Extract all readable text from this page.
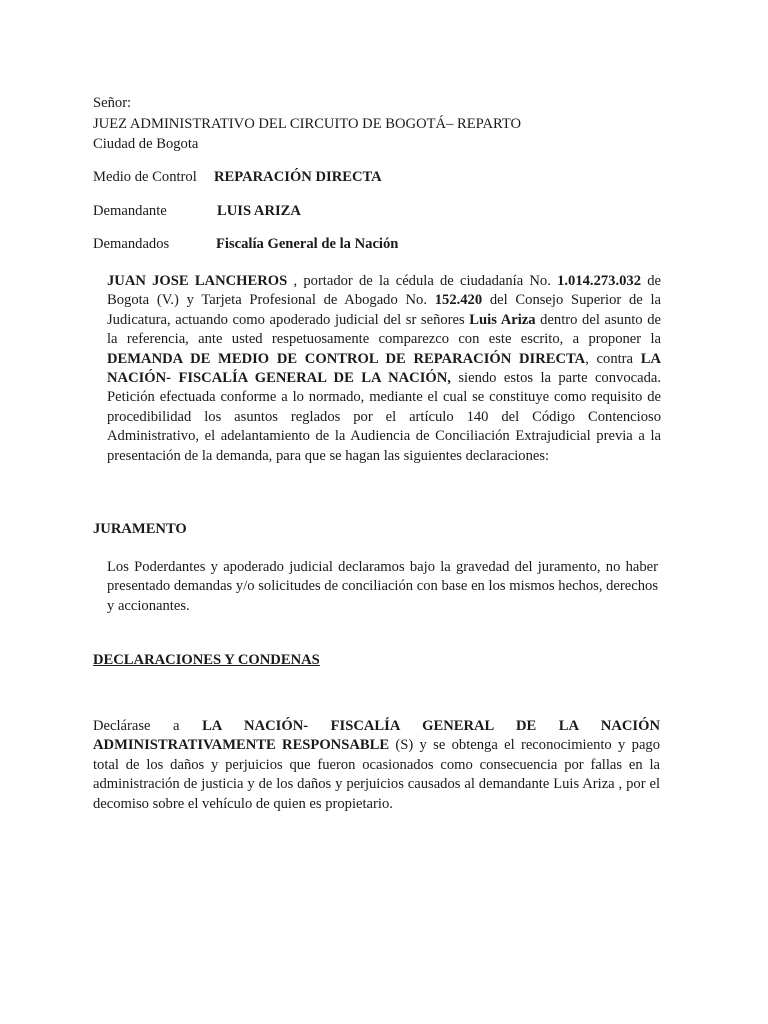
Señor:
JUEZ ADMINISTRATIVO DEL CIRCUITO DE BOGOTÁ– REPARTO
Ciudad de Bogota
Medio de Control REPARACIÓN DIRECTA
Demandante	LUIS ARIZA
Demandados	Fiscalía General de la Nación
JUAN JOSE LANCHEROS , portador de la cédula de ciudadanía No. 1.014.273.032 de Bogota (V.) y Tarjeta Profesional de Abogado No. 152.420 del Consejo Superior de la Judicatura, actuando como apoderado judicial del sr señores Luis Ariza dentro del asunto de la referencia, ante usted respetuosamente comparezco con este escrito, a proponer la DEMANDA DE MEDIO DE CONTROL DE REPARACIÓN DIRECTA, contra LA NACIÓN- FISCALÍA GENERAL DE LA NACIÓN, siendo estos la parte convocada. Petición efectuada conforme a lo normado, mediante el cual se constituye como requisito de procedibilidad los asuntos reglados por el artículo 140 del Código Contencioso Administrativo, el adelantamiento de la Audiencia de Conciliación Extrajudicial previa a la presentación de la demanda, para que se hagan las siguientes declaraciones:
JURAMENTO
Los Poderdantes y apoderado judicial declaramos bajo la gravedad del juramento, no haber presentado demandas y/o solicitudes de conciliación con base en los mismos hechos, derechos y accionantes.
DECLARACIONES Y CONDENAS
Declárase a LA NACIÓN- FISCALÍA GENERAL DE LA NACIÓN ADMINISTRATIVAMENTE RESPONSABLE (S) y se obtenga el reconocimiento y pago total de los daños y perjuicios que fueron ocasionados como consecuencia por fallas en la administración de justicia y de los daños y perjuicios causados al demandante Luis Ariza , por el decomiso sobre el vehículo de quien es propietario.
